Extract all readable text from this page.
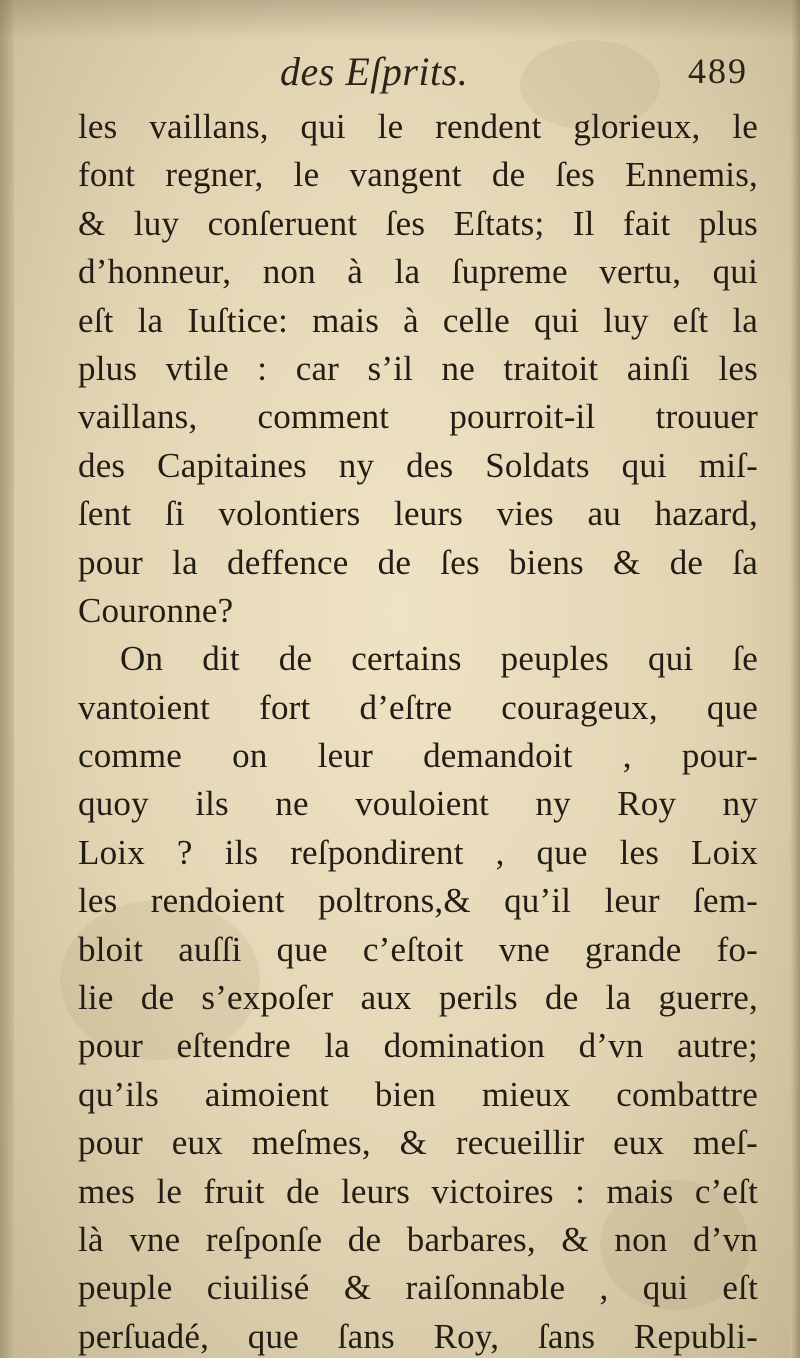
des Eſprits.	489
les vaillans, qui le rendent glorieux, le
font regner, le vangent de ſes Ennemis,
& luy conſeruent ſes Eſtats; Il fait plus
d’honneur, non à la ſupreme vertu, qui
eſt la Iuſtice: mais à celle qui luy eſt la
plus vtile : car s’il ne traitoit ainſi les
vaillans, comment pourroit-il trouuer
des Capitaines ny des Soldats qui miſ-
ſent ſi volontiers leurs vies au hazard,
pour la deffence de ſes biens & de ſa
Couronne?
On dit de certains peuples qui ſe
vantoient fort d’eſtre courageux, que
comme on leur demandoit , pour-
quoy ils ne vouloient ny Roy ny
Loix ? ils reſpondirent , que les Loix
les rendoient poltrons,& qu’il leur ſem-
bloit auſſi que c’eſtoit vne grande fo-
lie de s’expoſer aux perils de la guerre,
pour eſtendre la domination d’vn autre;
qu’ils aimoient bien mieux combattre
pour eux meſmes, & recueillir eux meſ-
mes le fruit de leurs victoires : mais c’eſt
là vne reſponſe de barbares, & non d’vn
peuple ciuilisé & raiſonnable , qui eſt
perſuadé, que ſans Roy, ſans Republi-
